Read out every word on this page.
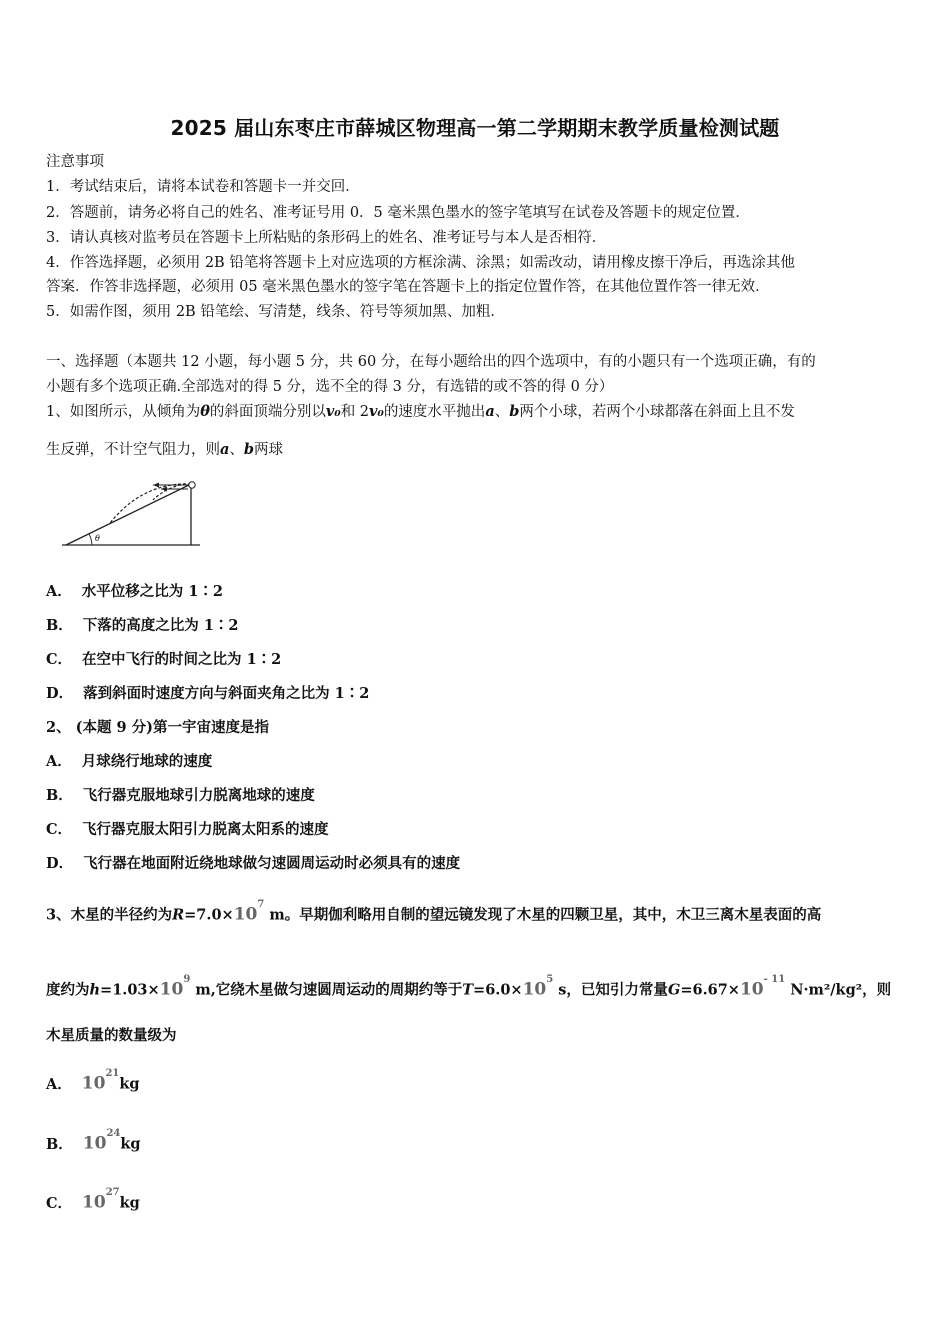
2025 届山东枣庄市薛城区物理高一第二学期期末教学质量检测试题
注意事项
1．考试结束后，请将本试卷和答题卡一并交回．
2．答题前，请务必将自己的姓名、准考证号用 0．5 毫米黑色墨水的签字笔填写在试卷及答题卡的规定位置．
3．请认真核对监考员在答题卡上所粘贴的条形码上的姓名、准考证号与本人是否相符．
4．作答选择题，必须用 2B 铅笔将答题卡上对应选项的方框涂满、涂黑；如需改动，请用橡皮擦干净后，再选涂其他
答案．作答非选择题，必须用 05 毫米黑色墨水的签字笔在答题卡上的指定位置作答，在其他位置作答一律无效．
5．如需作图，须用 2B 铅笔绘、写清楚，线条、符号等须加黑、加粗．
一、选择题（本题共 12 小题，每小题 5 分，共 60 分，在每小题给出的四个选项中，有的小题只有一个选项正确，有的
小题有多个选项正确.全部选对的得 5 分，选不全的得 3 分，有选错的或不答的得 0 分）
1、如图所示，从倾角为θ的斜面顶端分别以v₀和 2v₀的速度水平抛出a、b两个小球，若两个小球都落在斜面上且不发
生反弹，不计空气阻力，则a、b两球
θ
A． 水平位移之比为 1∶2
B． 下落的高度之比为 1∶2
C． 在空中飞行的时间之比为 1∶2
D． 落到斜面时速度方向与斜面夹角之比为 1∶2
2、 (本题 9 分)第一宇宙速度是指
A． 月球绕行地球的速度
B． 飞行器克服地球引力脱离地球的速度
C． 飞行器克服太阳引力脱离太阳系的速度
D． 飞行器在地面附近绕地球做匀速圆周运动时必须具有的速度
3、木星的半径约为$R=7.0\times 10^7$ m。早期伽利略用自制的望远镜发现了木星的四颗卫星，其中，木卫三离木星表面的高
度约为$h=1.03\times 10^9$ m,它绕木星做匀速圆周运动的周期约等于$T=6.0\times 10^5$ s，已知引力常量$G=6.67\times 10^{- 11}$ N·m²/kg²，则
木星质量的数量级为
A． $10^{21}kg$
B． $10^{24}kg$
C． $10^{27}kg$
